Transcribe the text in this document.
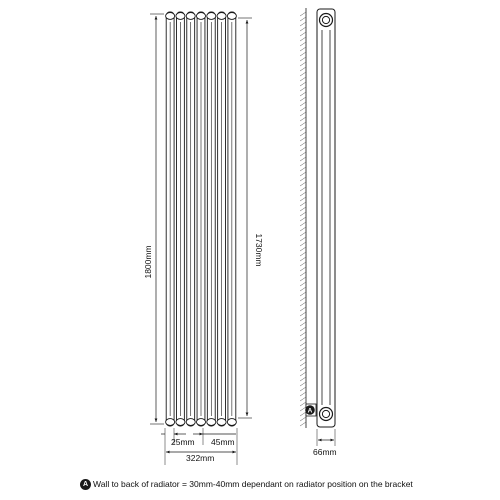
1800mm	1730mm
25mm 45mm
322mm
A
66mm
A Wall to back of radiator = 30mm-40mm dependant on radiator position on the bracket
